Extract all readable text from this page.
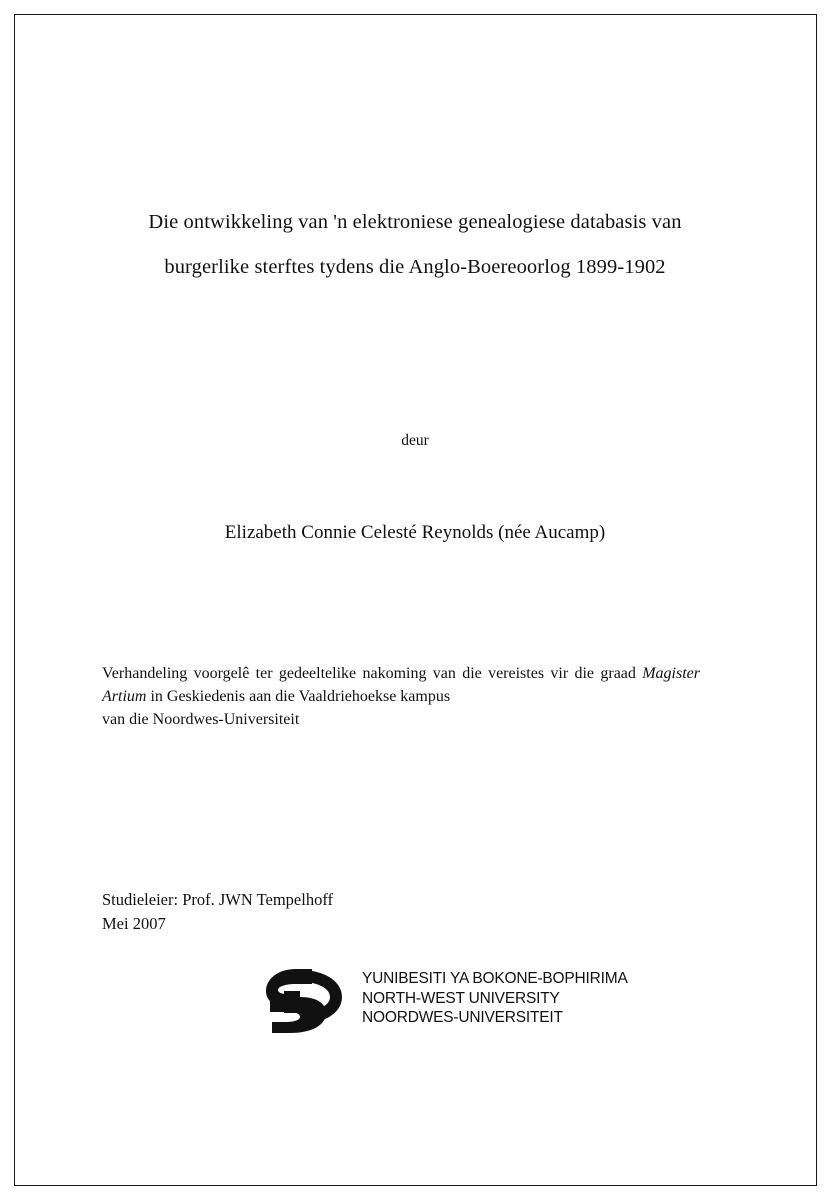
Die ontwikkeling van 'n elektroniese genealogiese databasis van
burgerlike sterftes tydens die Anglo-Boereoorlog 1899-1902
deur
Elizabeth Connie Celesté Reynolds (née Aucamp)
Verhandeling voorgelê ter gedeeltelike nakoming van die vereistes vir die graad Magister Artium in Geskiedenis aan die Vaaldriehoekse kampus
van die Noordwes-Universiteit
Studieleier: Prof. JWN Tempelhoff
Mei 2007
YUNIBESITI YA BOKONE-BOPHIRIMA
NORTH-WEST UNIVERSITY
NOORDWES-UNIVERSITEIT
